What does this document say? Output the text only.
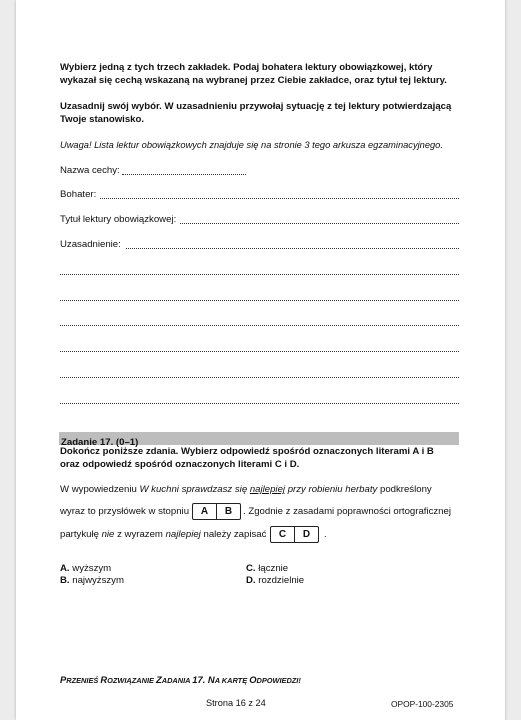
Wybierz jedną z tych trzech zakładek. Podaj bohatera lektury obowiązkowej, który
wykazał się cechą wskazaną na wybranej przez Ciebie zakładce, oraz tytuł tej lektury.
Uzasadnij swój wybór. W uzasadnieniu przywołaj sytuację z tej lektury potwierdzającą
Twoje stanowisko.
Uwaga! Lista lektur obowiązkowych znajduje się na stronie 3 tego arkusza egzaminacyjnego.
Nazwa cechy:
Bohater:
Tytuł lektury obowiązkowej:
Uzasadnienie:
Zadanie 17. (0–1)
Dokończ poniższe zdania. Wybierz odpowiedź spośród oznaczonych literami A i B
oraz odpowiedź spośród oznaczonych literami C i D.
W wypowiedzeniu W kuchni sprawdzasz się najlepiej przy robieniu herbaty podkreślony
wyraz to przysłówek w stopniu	A	B	. Zgodnie z zasadami poprawności ortograficznej
partykułę nie z wyrazem najlepiej należy zapisać	C	D	.
A. wyższym
B. najwyższym
C. łącznie
D. rozdzielnie
PRZENIEŚ ROZWIĄZANIE ZADANIA 17. NA KARTĘ ODPOWIEDZI!
Strona 16 z 24	OPOP-100-2305
